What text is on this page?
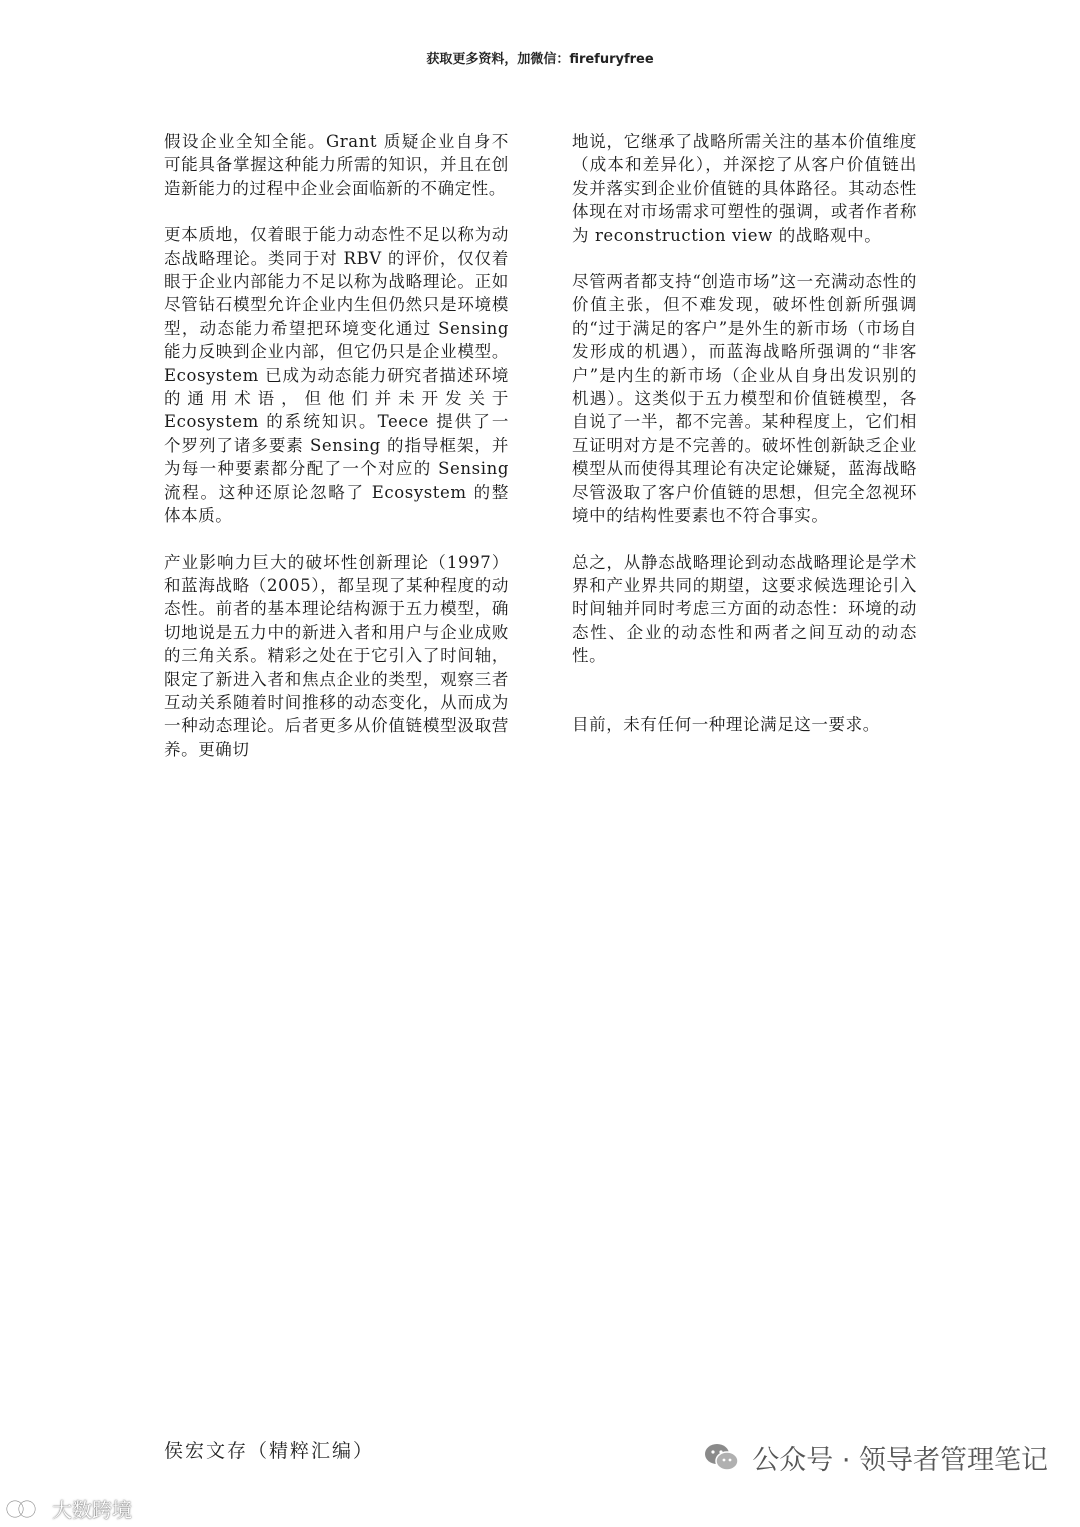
获取更多资料，加微信：firefuryfree

假设企业全知全能。Grant 质疑企业自身不可能具备掌握这种能力所需的知识，并且在创造新能力的过程中企业会面临新的不确定性。

更本质地，仅着眼于能力动态性不足以称为动态战略理论。类同于对 RBV 的评价，仅仅着眼于企业内部能力不足以称为战略理论。正如尽管钻石模型允许企业内生但仍然只是环境模型，动态能力希望把环境变化通过 Sensing 能力反映到企业内部，但它仍只是企业模型。Ecosystem 已成为动态能力研究者描述环境的通用术语，但他们并未开发关于 Ecosystem 的系统知识。Teece 提供了一个罗列了诸多要素 Sensing 的指导框架，并为每一种要素都分配了一个对应的 Sensing 流程。这种还原论忽略了 Ecosystem 的整体本质。

产业影响力巨大的破坏性创新理论（1997）和蓝海战略（2005），都呈现了某种程度的动态性。前者的基本理论结构源于五力模型，确切地说是五力中的新进入者和用户与企业成败的三角关系。精彩之处在于它引入了时间轴，限定了新进入者和焦点企业的类型，观察三者互动关系随着时间推移的动态变化，从而成为一种动态理论。后者更多从价值链模型汲取营养。更确切

地说，它继承了战略所需关注的基本价值维度（成本和差异化），并深挖了从客户价值链出发并落实到企业价值链的具体路径。其动态性体现在对市场需求可塑性的强调，或者作者称为 reconstruction view 的战略观中。

尽管两者都支持“创造市场”这一充满动态性的价值主张，但不难发现，破坏性创新所强调的“过于满足的客户”是外生的新市场（市场自发形成的机遇），而蓝海战略所强调的“非客户”是内生的新市场（企业从自身出发识别的机遇）。这类似于五力模型和价值链模型，各自说了一半，都不完善。某种程度上，它们相互证明对方是不完善的。破坏性创新缺乏企业模型从而使得其理论有决定论嫌疑，蓝海战略尽管汲取了客户价值链的思想，但完全忽视环境中的结构性要素也不符合事实。

总之，从静态战略理论到动态战略理论是学术界和产业界共同的期望，这要求候选理论引入时间轴并同时考虑三方面的动态性：环境的动态性、企业的动态性和两者之间互动的动态性。

目前，未有任何一种理论满足这一要求。

侯宏文存（精粹汇编）
大数跨境
公众号 · 领导者管理笔记
